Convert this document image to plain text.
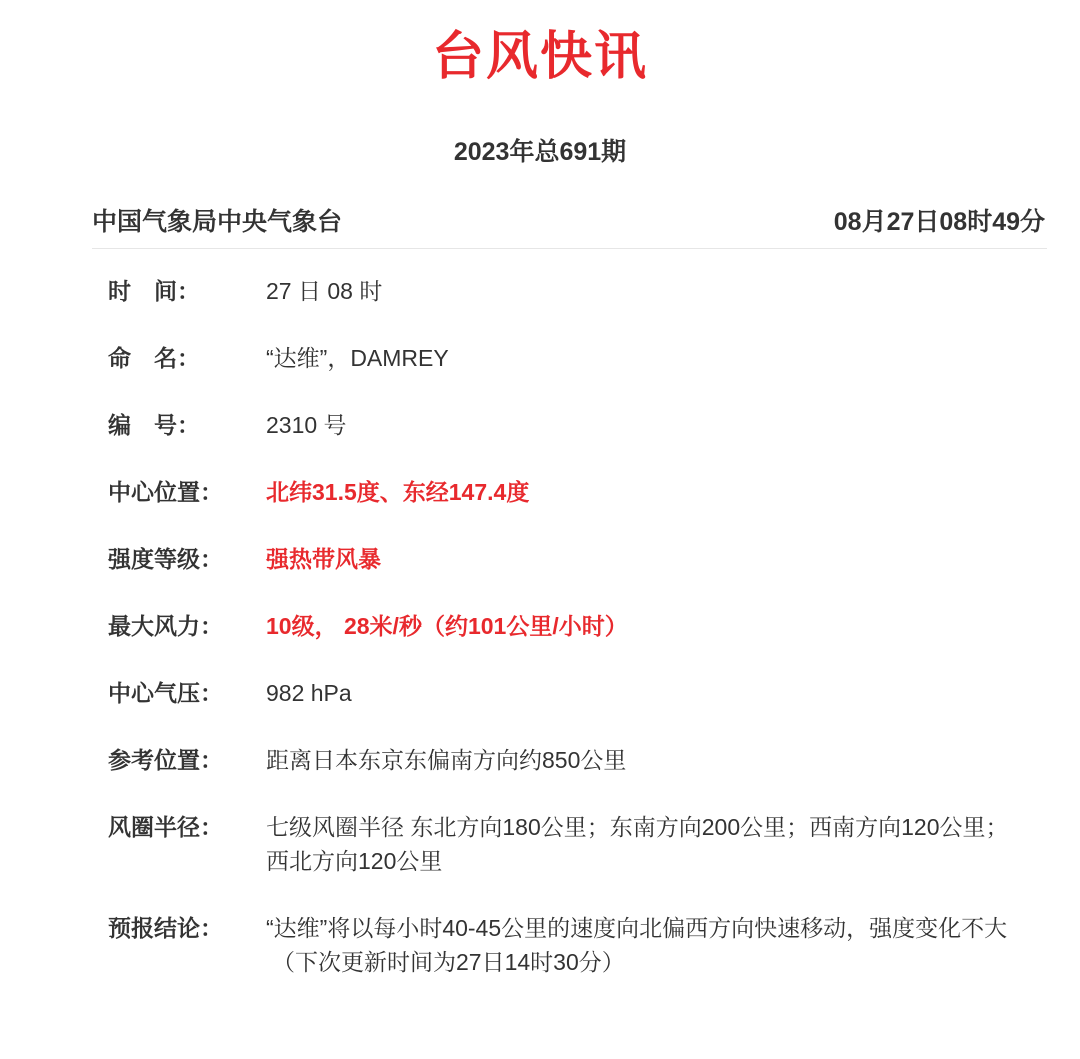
台风快讯
2023年总691期
中国气象局中央气象台	08月27日08时49分
时　间：	27 日 08 时
命　名：	“达维”，DAMREY
编　号：	2310 号
中心位置：	北纬31.5度、东经147.4度
强度等级：	强热带风暴
最大风力：	10级， 28米/秒（约101公里/小时）
中心气压：	982 hPa
参考位置：	距离日本东京东偏南方向约850公里
风圈半径：	七级风圈半径 东北方向180公里；东南方向200公里；西南方向120公里；西北方向120公里
预报结论：	“达维”将以每小时40-45公里的速度向北偏西方向快速移动，强度变化不大
（下次更新时间为27日14时30分）
